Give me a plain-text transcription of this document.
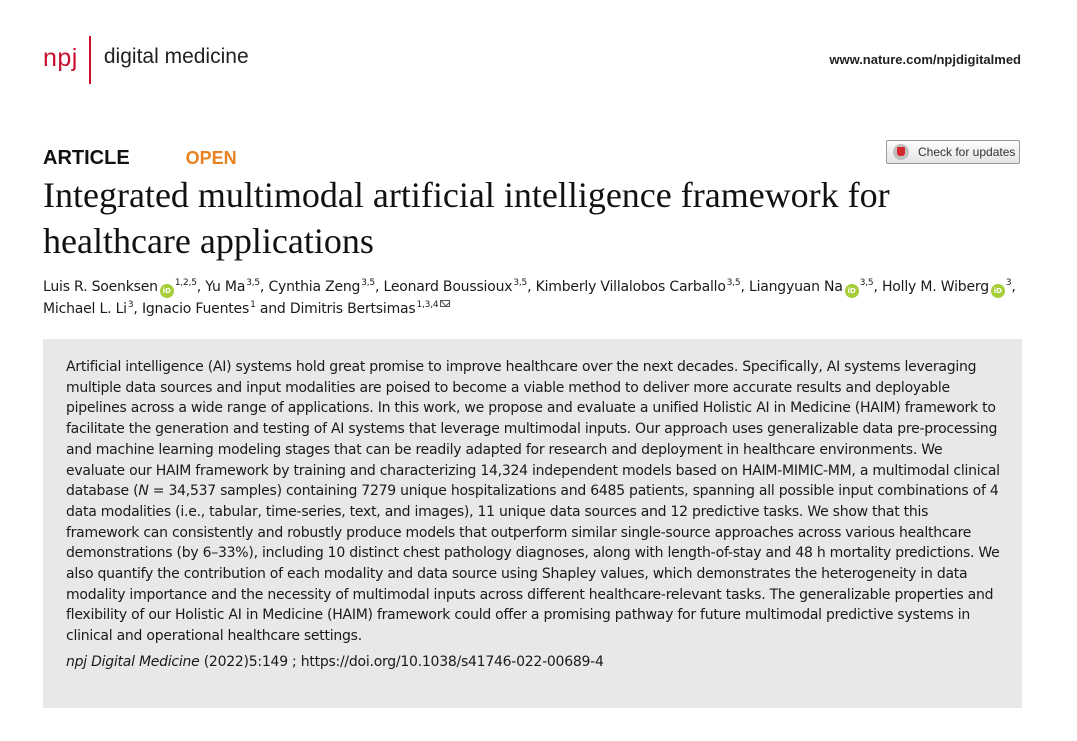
npj digital medicine	www.nature.com/npjdigitalmed
ARTICLE	OPEN	Check for updates
Integrated multimodal artificial intelligence framework for healthcare applications
Luis R. Soenksen iD$^{1,2,5}$, Yu Ma$^{3,5}$, Cynthia Zeng$^{3,5}$, Leonard Boussioux$^{3,5}$, Kimberly Villalobos Carballo$^{3,5}$, Liangyuan Na iD$^{3,5}$, Holly M. Wiberg $iD^3$, Michael L. Li$^3$, Ignacio Fuentes$^1$ and Dimitris Bertsimas$^{1,3,4}$

Artificial intelligence (AI) systems hold great promise to improve healthcare over the next decades. Specifically, AI systems leveraging multiple data sources and input modalities are poised to become a viable method to deliver more accurate results and deployable pipelines across a wide range of applications. In this work, we propose and evaluate a unified Holistic AI in Medicine (HAIM) framework to facilitate the generation and testing of AI systems that leverage multimodal inputs. Our approach uses generalizable data pre-processing and machine learning modeling stages that can be readily adapted for research and deployment in healthcare environments. We evaluate our HAIM framework by training and characterizing 14,324 independent models based on HAIM-MIMIC-MM, a multimodal clinical database (N = 34,537 samples) containing 7279 unique hospitalizations and 6485 patients, spanning all possible input combinations of 4 data modalities (i.e., tabular, time-series, text, and images), 11 unique data sources and 12 predictive tasks. We show that this framework can consistently and robustly produce models that outperform similar single-source approaches across various healthcare demonstrations (by 6–33%), including 10 distinct chest pathology diagnoses, along with length-of-stay and 48 h mortality predictions. We also quantify the contribution of each modality and data source using Shapley values, which demonstrates the heterogeneity in data modality importance and the necessity of multimodal inputs across different healthcare-relevant tasks. The generalizable properties and flexibility of our Holistic AI in Medicine (HAIM) framework could offer a promising pathway for future multimodal predictive systems in clinical and operational healthcare settings.

npj Digital Medicine (2022)5:149 ; https://doi.org/10.1038/s41746-022-00689-4
